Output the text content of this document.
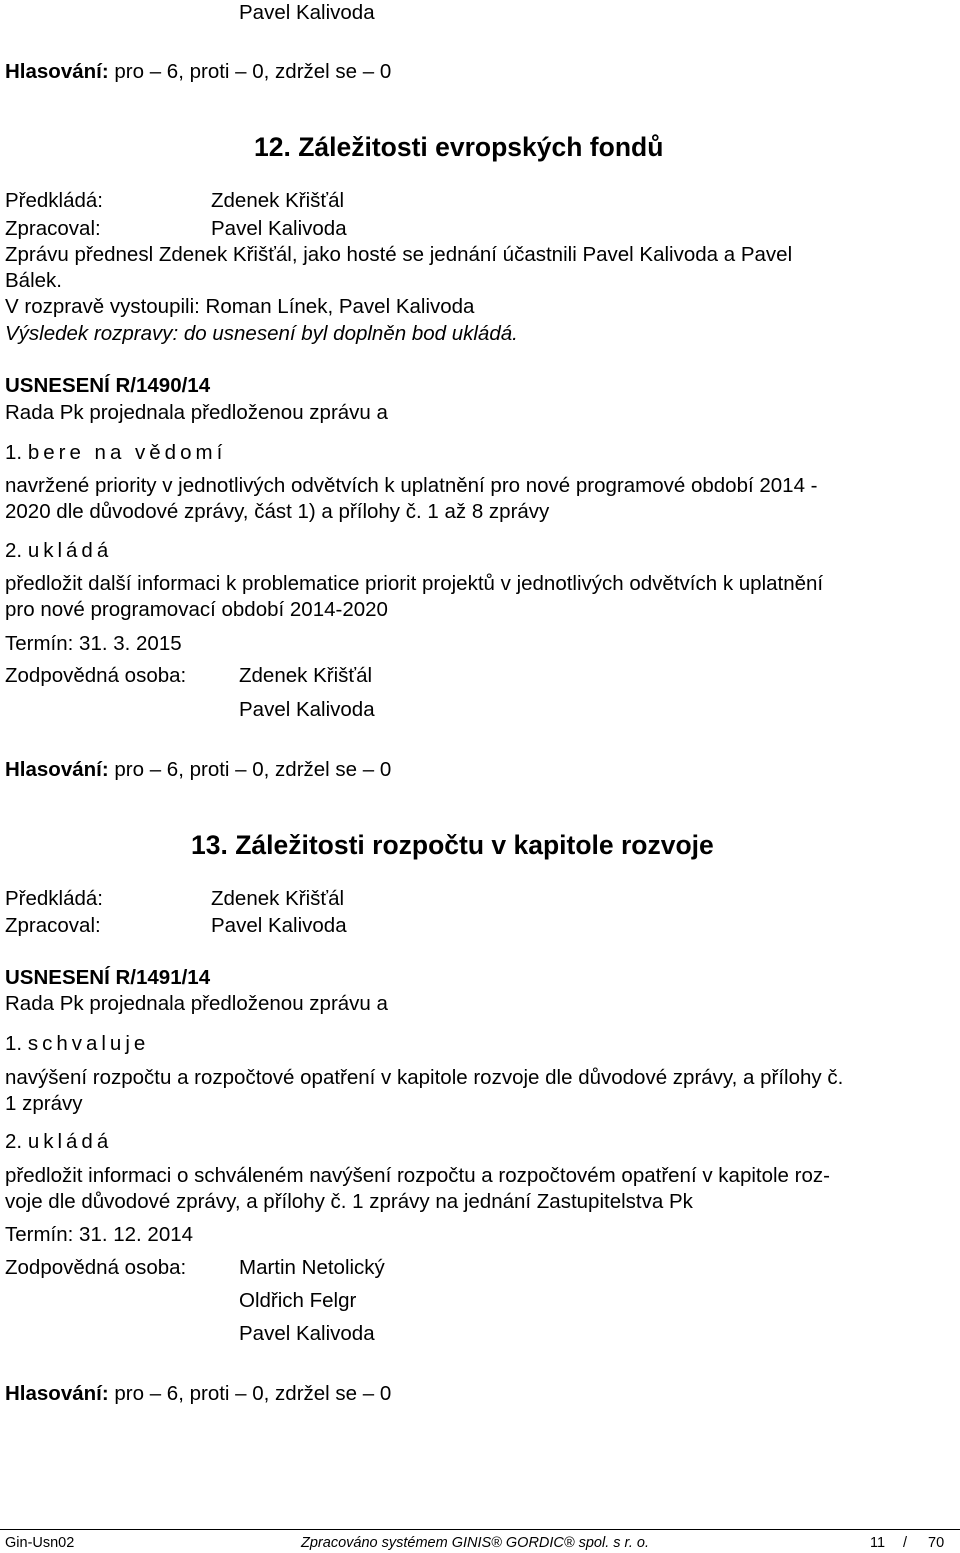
Pavel Kalivoda
Hlasování: pro – 6, proti – 0, zdržel se – 0
12. Záležitosti evropských fondů
Předkládá:	Zdenek Křišťál
Zpracoval:	Pavel Kalivoda
Zprávu přednesl Zdenek Křišťál, jako hosté se jednání účastnili Pavel Kalivoda a Pavel
Bálek.
V rozpravě vystoupili: Roman Línek, Pavel Kalivoda
Výsledek rozpravy: do usnesení byl doplněn bod ukládá.
USNESENÍ R/1490/14
Rada Pk projednala předloženou zprávu a
1. bere na vědomí
navržené priority v jednotlivých odvětvích k uplatnění pro nové programové období 2014 -
2020 dle důvodové zprávy, část 1) a přílohy č. 1 až 8 zprávy
2. ukládá
předložit další informaci k problematice priorit projektů v jednotlivých odvětvích k uplatnění
pro nové programovací období 2014-2020
Termín: 31. 3. 2015
Zodpovědná osoba:	Zdenek Křišťál
Pavel Kalivoda
Hlasování: pro – 6, proti – 0, zdržel se – 0
13. Záležitosti rozpočtu v kapitole rozvoje
Předkládá:	Zdenek Křišťál
Zpracoval:	Pavel Kalivoda
USNESENÍ R/1491/14
Rada Pk projednala předloženou zprávu a
1. schvaluje
navýšení rozpočtu a rozpočtové opatření v kapitole rozvoje dle důvodové zprávy, a přílohy č.
1 zprávy
2. ukládá
předložit informaci o schváleném navýšení rozpočtu a rozpočtovém opatření v kapitole roz-
voje dle důvodové zprávy, a přílohy č. 1 zprávy na jednání Zastupitelstva Pk
Termín: 31. 12. 2014
Zodpovědná osoba:	Martin Netolický
Oldřich Felgr
Pavel Kalivoda
Hlasování: pro – 6, proti – 0, zdržel se – 0
Gin-Usn02	Zpracováno systémem GINIS® GORDIC® spol. s r. o.	11 / 70
